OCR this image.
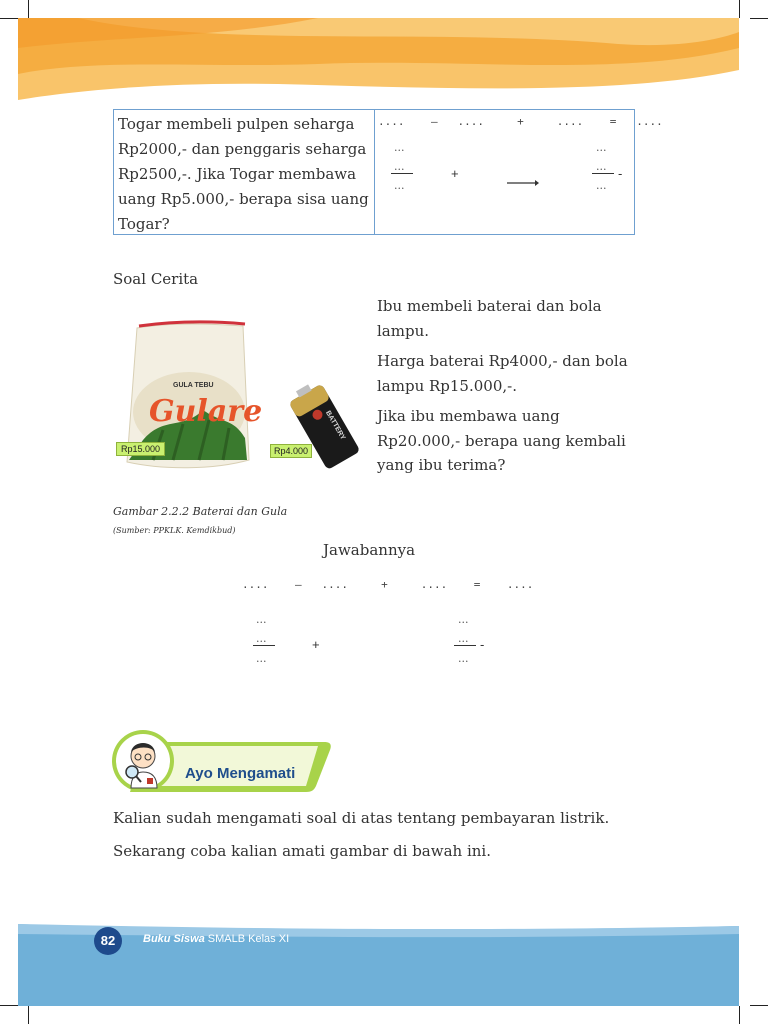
Togar membeli pulpen seharga Rp2000,- dan penggaris seharga Rp2500,-. Jika Togar membawa uang Rp5.000,- berapa sisa uang Togar?
....    –   ....     +     ....    =   ....
...
...
...
+
...
...
...
-
Soal Cerita
GULA TEBU
Gulare
Rp15.000
BATTERY
Rp4.000
Ibu membeli baterai dan bola lampu.
Harga baterai Rp4000,- dan bola lampu Rp15.000,-.
Jika ibu membawa uang Rp20.000,- berapa uang kembali yang ibu terima?
Gambar 2.2.2 Baterai dan Gula
(Sumber: PPKLK. Kemdikbud)
Jawabannya
....    –   ....     +     ....    =    ....
...
...
...
+
...
...
...
-
Ayo Mengamati
Kalian sudah mengamati soal di atas tentang pembayaran listrik.
Sekarang coba kalian amati gambar di bawah ini.
82	Buku Siswa SMALB Kelas XI
